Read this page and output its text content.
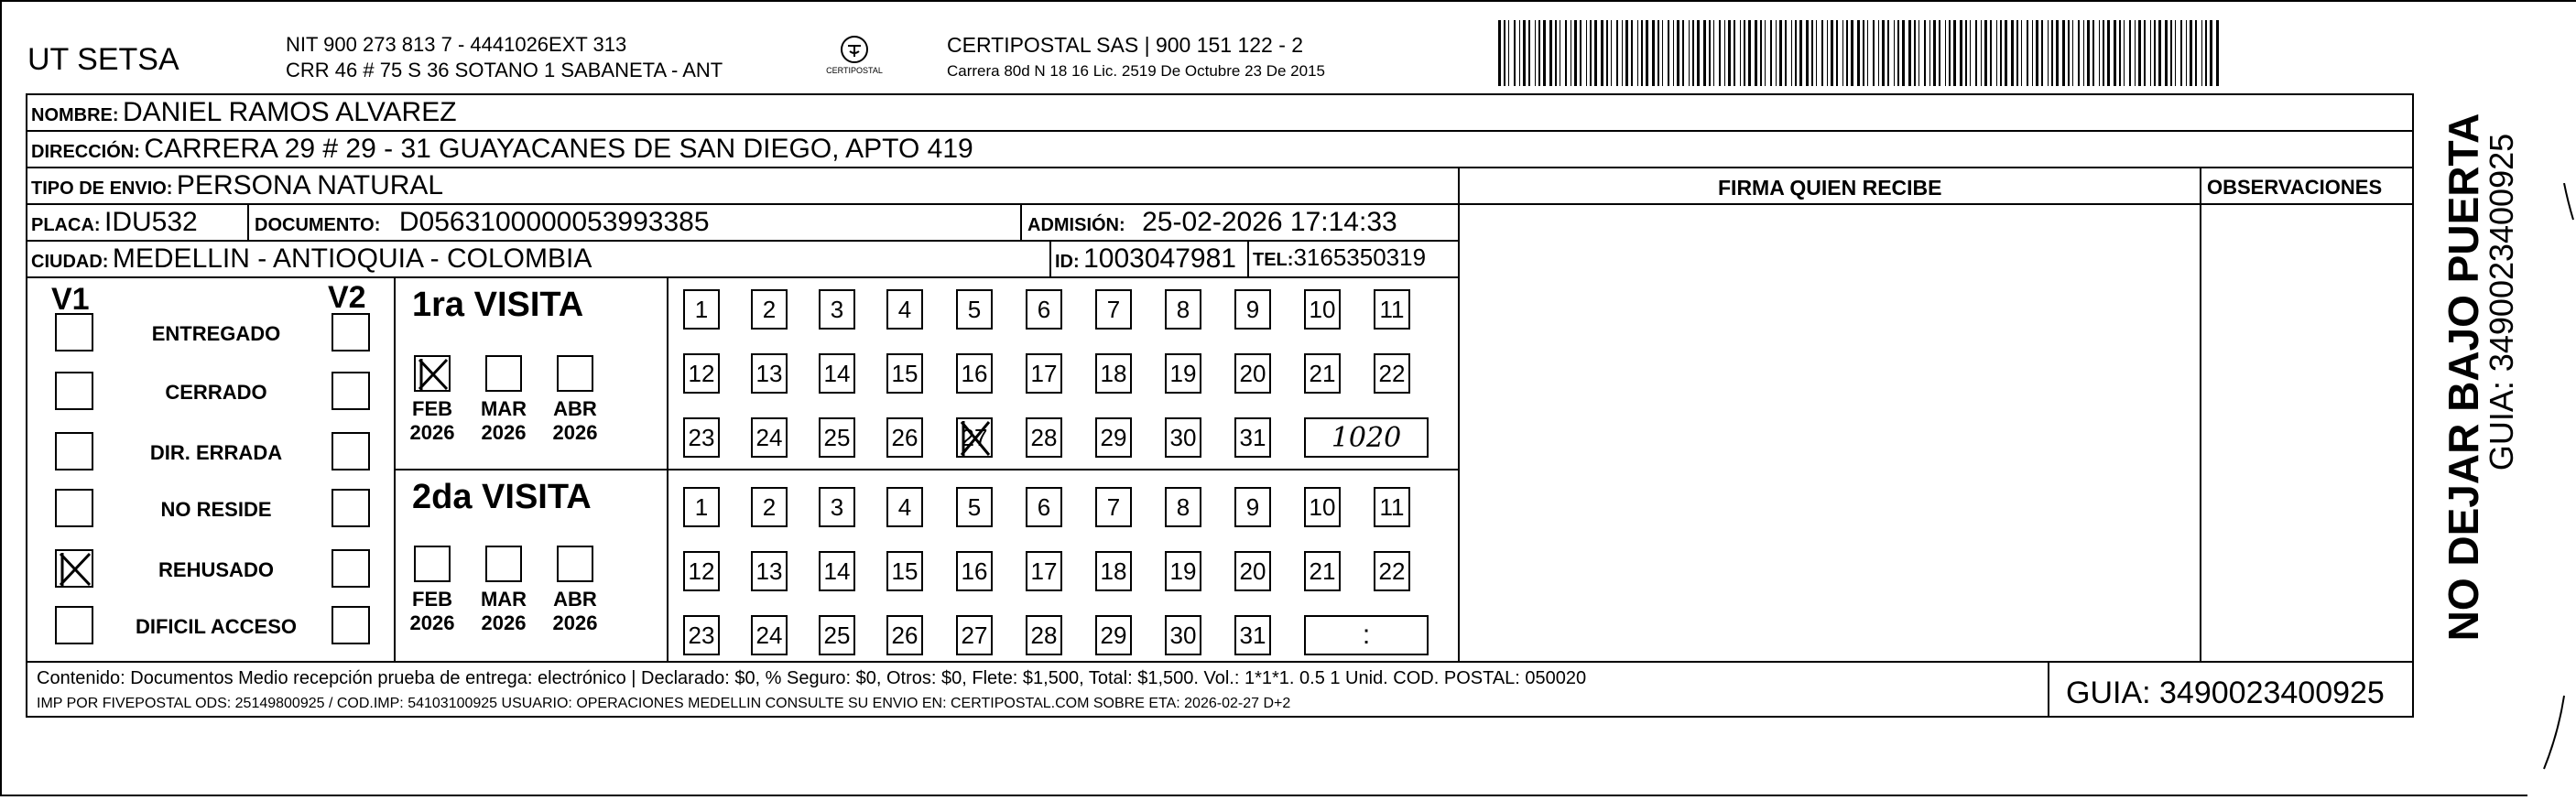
UT SETSA	NIT 900 273 813 7 - 4441026EXT 313
CRR 46 # 75 S 36 SOTANO 1 SABANETA - ANT	CERTIPOSTAL
CERTIPOSTAL SAS | 900 151 122 - 2
Carrera 80d N 18 16 Lic. 2519 De Octubre 23 De 2015
NOMBRE: DANIEL RAMOS ALVAREZ
DIRECCIÓN: CARRERA 29 # 29 - 31 GUAYACANES DE SAN DIEGO, APTO 419
TIPO DE ENVIO: PERSONA NATURAL	FIRMA QUIEN RECIBE	OBSERVACIONES
PLACA: IDU532	DOCUMENTO: D0563100000053993385	ADMISIÓN: 25-02-2026 17:14:33
CIUDAD: MEDELLIN - ANTIOQUIA - COLOMBIA	ID: 1003047981 TEL:3165350319
V1	V2 1ra VISITA
2da VISITA
Contenido: Documentos Medio recepción prueba de entrega: electrónico | Declarado: $0, % Seguro: $0, Otros: $0, Flete: $1,500, Total: $1,500. Vol.: 1*1*1. 0.5 1 Unid. COD. POSTAL: 050020
IMP POR FIVEPOSTAL ODS: 25149800925 / COD.IMP: 54103100925 USUARIO: OPERACIONES MEDELLIN CONSULTE SU ENVIO EN: CERTIPOSTAL.COM SOBRE ETA: 2026-02-27 D+2	GUIA: 3490023400925
NO DEJAR BAJO PUERTA
GUIA: 3490023400925
ENTREGADO
CERRADO
DIR. ERRADA
NO RESIDE
REHUSADO
DIFICIL ACCESO
FEB
2026
MAR
2026
ABR
2026
FEB
2026
MAR
2026
ABR
2026
1 2 3 4 5 6 7 8 9 10 11
12 13 14 15 16 17 18 19 20 21 22
23 24 25 26 27 28 29 30 31	1020
1 2 3 4 5 6 7 8 9 10 11
12 13 14 15 16 17 18 19 20 21 22
23 24 25 26 27 28 29 30 31	:
